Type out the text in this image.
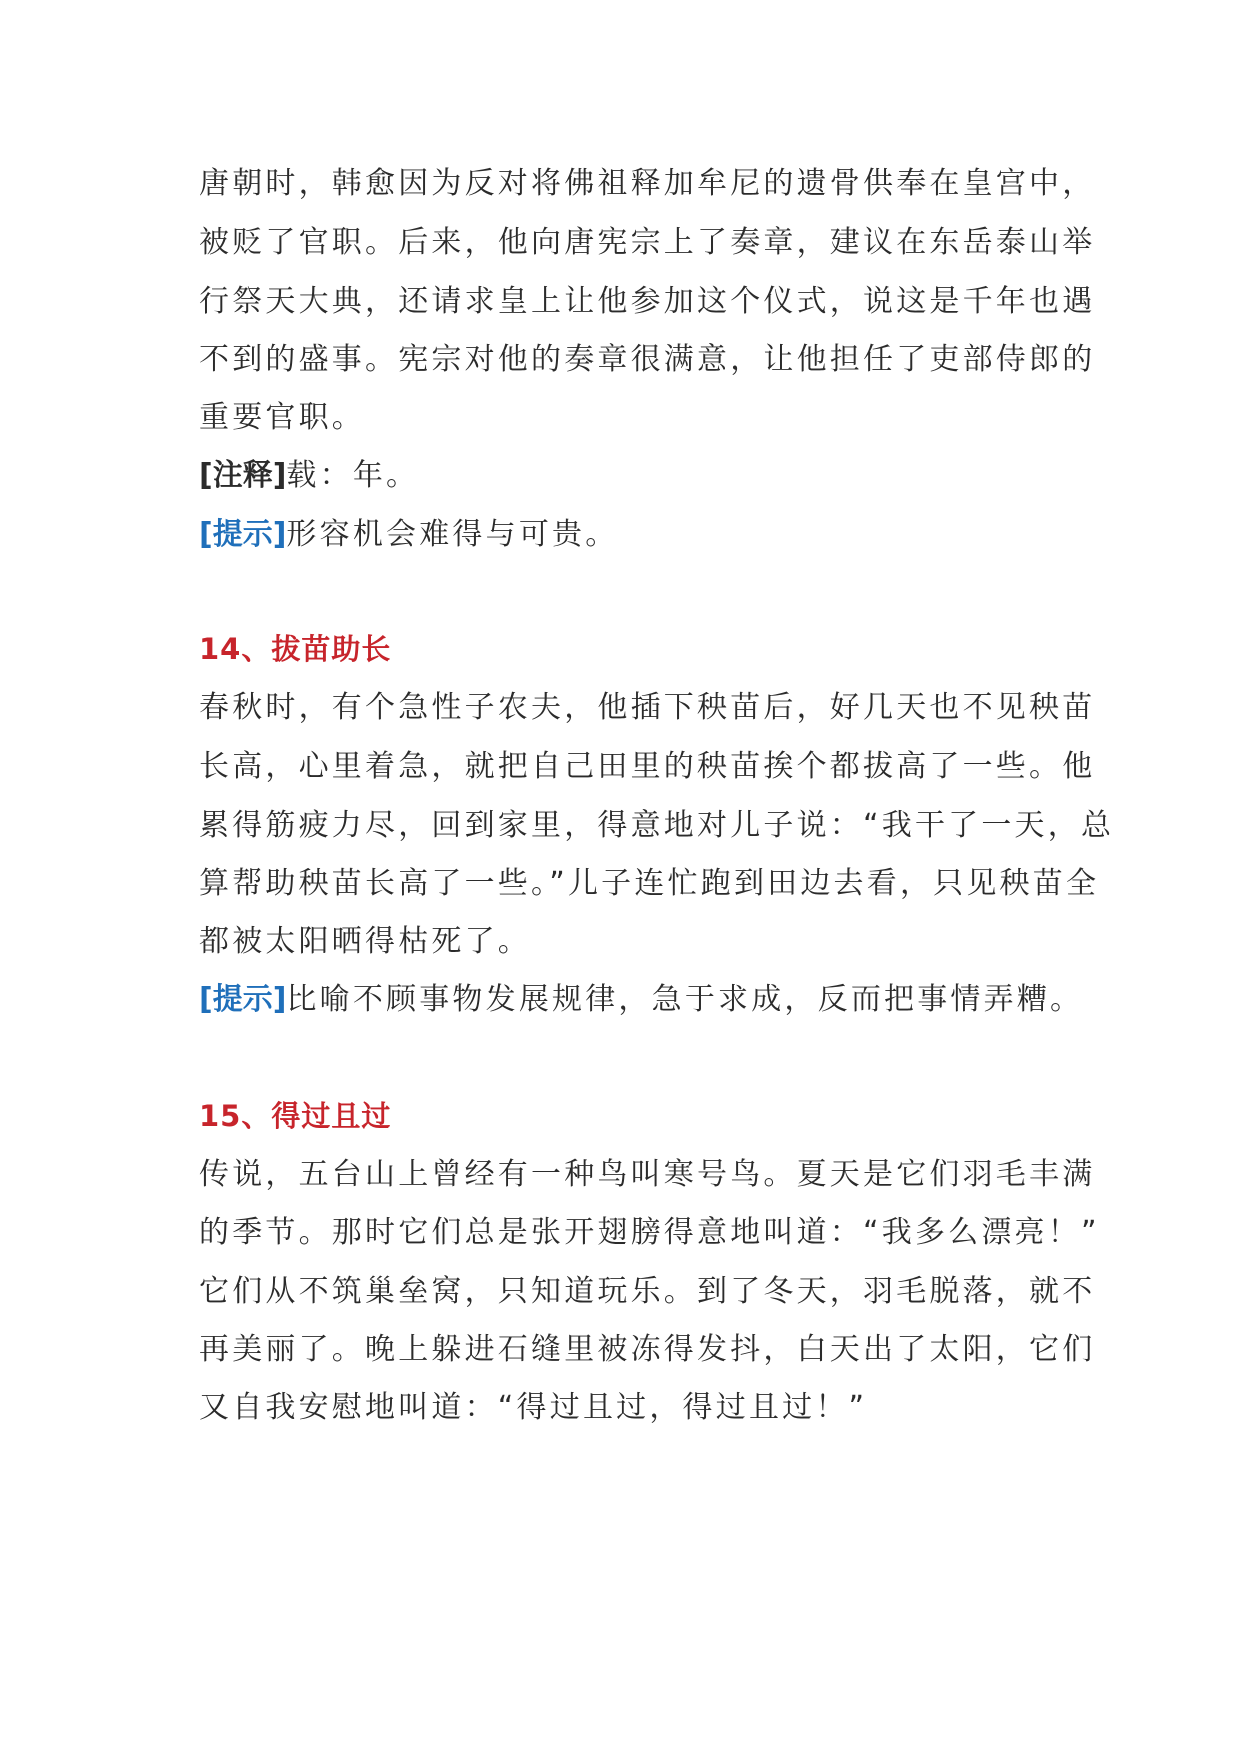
唐朝时，韩愈因为反对将佛祖释加牟尼的遗骨供奉在皇宫中，
被贬了官职。后来，他向唐宪宗上了奏章，建议在东岳泰山举
行祭天大典，还请求皇上让他参加这个仪式，说这是千年也遇
不到的盛事。宪宗对他的奏章很满意，让他担任了吏部侍郎的
重要官职。
[注释]载：年。
[提示]形容机会难得与可贵。
14、拔苗助长
春秋时，有个急性子农夫，他插下秧苗后，好几天也不见秧苗
长高，心里着急，就把自己田里的秧苗挨个都拔高了一些。他
累得筋疲力尽，回到家里，得意地对儿子说：“我干了一天，总
算帮助秧苗长高了一些。”儿子连忙跑到田边去看，只见秧苗全
都被太阳晒得枯死了。
[提示]比喻不顾事物发展规律，急于求成，反而把事情弄糟。
15、得过且过
传说，五台山上曾经有一种鸟叫寒号鸟。夏天是它们羽毛丰满
的季节。那时它们总是张开翅膀得意地叫道：“我多么漂亮！”
它们从不筑巢垒窝，只知道玩乐。到了冬天，羽毛脱落，就不
再美丽了。晚上躲进石缝里被冻得发抖，白天出了太阳，它们
又自我安慰地叫道：“得过且过，得过且过！”
